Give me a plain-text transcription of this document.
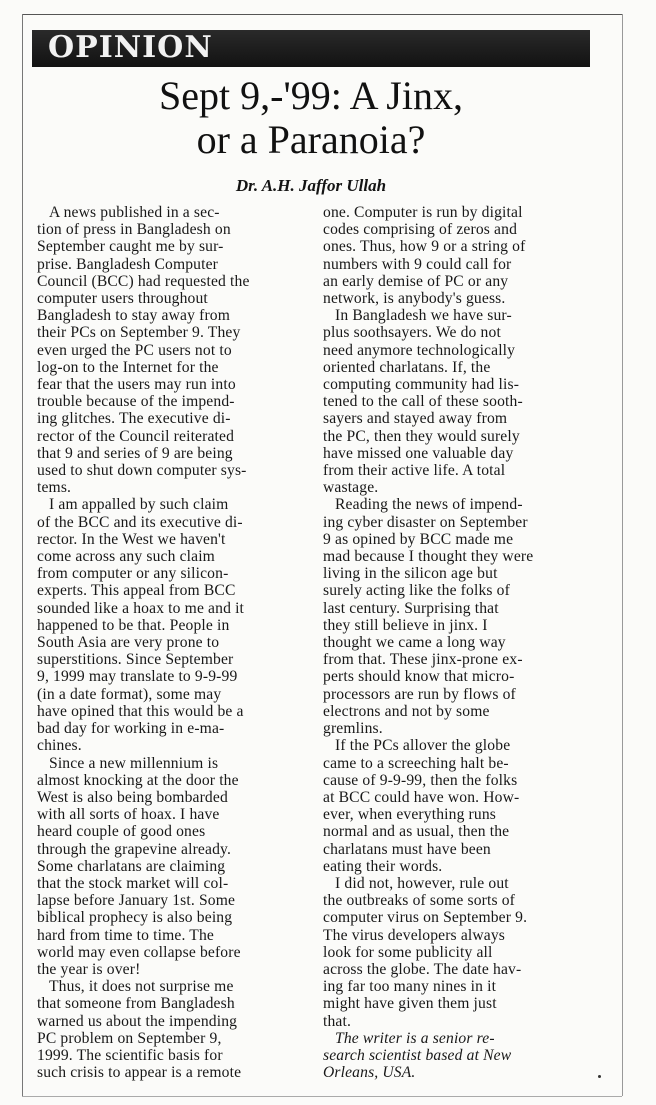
OPINION
Sept 9,-'99: A Jinx,
or a Paranoia?
Dr. A.H. Jaffor Ullah
A news published in a sec-
tion of press in Bangladesh on
September caught me by sur-
prise. Bangladesh Computer
Council (BCC) had requested the
computer users throughout
Bangladesh to stay away from
their PCs on September 9. They
even urged the PC users not to
log-on to the Internet for the
fear that the users may run into
trouble because of the impend-
ing glitches. The executive di-
rector of the Council reiterated
that 9 and series of 9 are being
used to shut down computer sys-
tems.
I am appalled by such claim
of the BCC and its executive di-
rector. In the West we haven't
come across any such claim
from computer or any silicon-
experts. This appeal from BCC
sounded like a hoax to me and it
happened to be that. People in
South Asia are very prone to
superstitions. Since September
9, 1999 may translate to 9-9-99
(in a date format), some may
have opined that this would be a
bad day for working in e-ma-
chines.
Since a new millennium is
almost knocking at the door the
West is also being bombarded
with all sorts of hoax. I have
heard couple of good ones
through the grapevine already.
Some charlatans are claiming
that the stock market will col-
lapse before January 1st. Some
biblical prophecy is also being
hard from time to time. The
world may even collapse before
the year is over!
Thus, it does not surprise me
that someone from Bangladesh
warned us about the impending
PC problem on September 9,
1999. The scientific basis for
such crisis to appear is a remote
one. Computer is run by digital
codes comprising of zeros and
ones. Thus, how 9 or a string of
numbers with 9 could call for
an early demise of PC or any
network, is anybody's guess.
In Bangladesh we have sur-
plus soothsayers. We do not
need anymore technologically
oriented charlatans. If, the
computing community had lis-
tened to the call of these sooth-
sayers and stayed away from
the PC, then they would surely
have missed one valuable day
from their active life. A total
wastage.
Reading the news of impend-
ing cyber disaster on September
9 as opined by BCC made me
mad because I thought they were
living in the silicon age but
surely acting like the folks of
last century. Surprising that
they still believe in jinx. I
thought we came a long way
from that. These jinx-prone ex-
perts should know that micro-
processors are run by flows of
electrons and not by some
gremlins.
If the PCs allover the globe
came to a screeching halt be-
cause of 9-9-99, then the folks
at BCC could have won. How-
ever, when everything runs
normal and as usual, then the
charlatans must have been
eating their words.
I did not, however, rule out
the outbreaks of some sorts of
computer virus on September 9.
The virus developers always
look for some publicity all
across the globe. The date hav-
ing far too many nines in it
might have given them just
that.
The writer is a senior re-
search scientist based at New
Orleans, USA.
